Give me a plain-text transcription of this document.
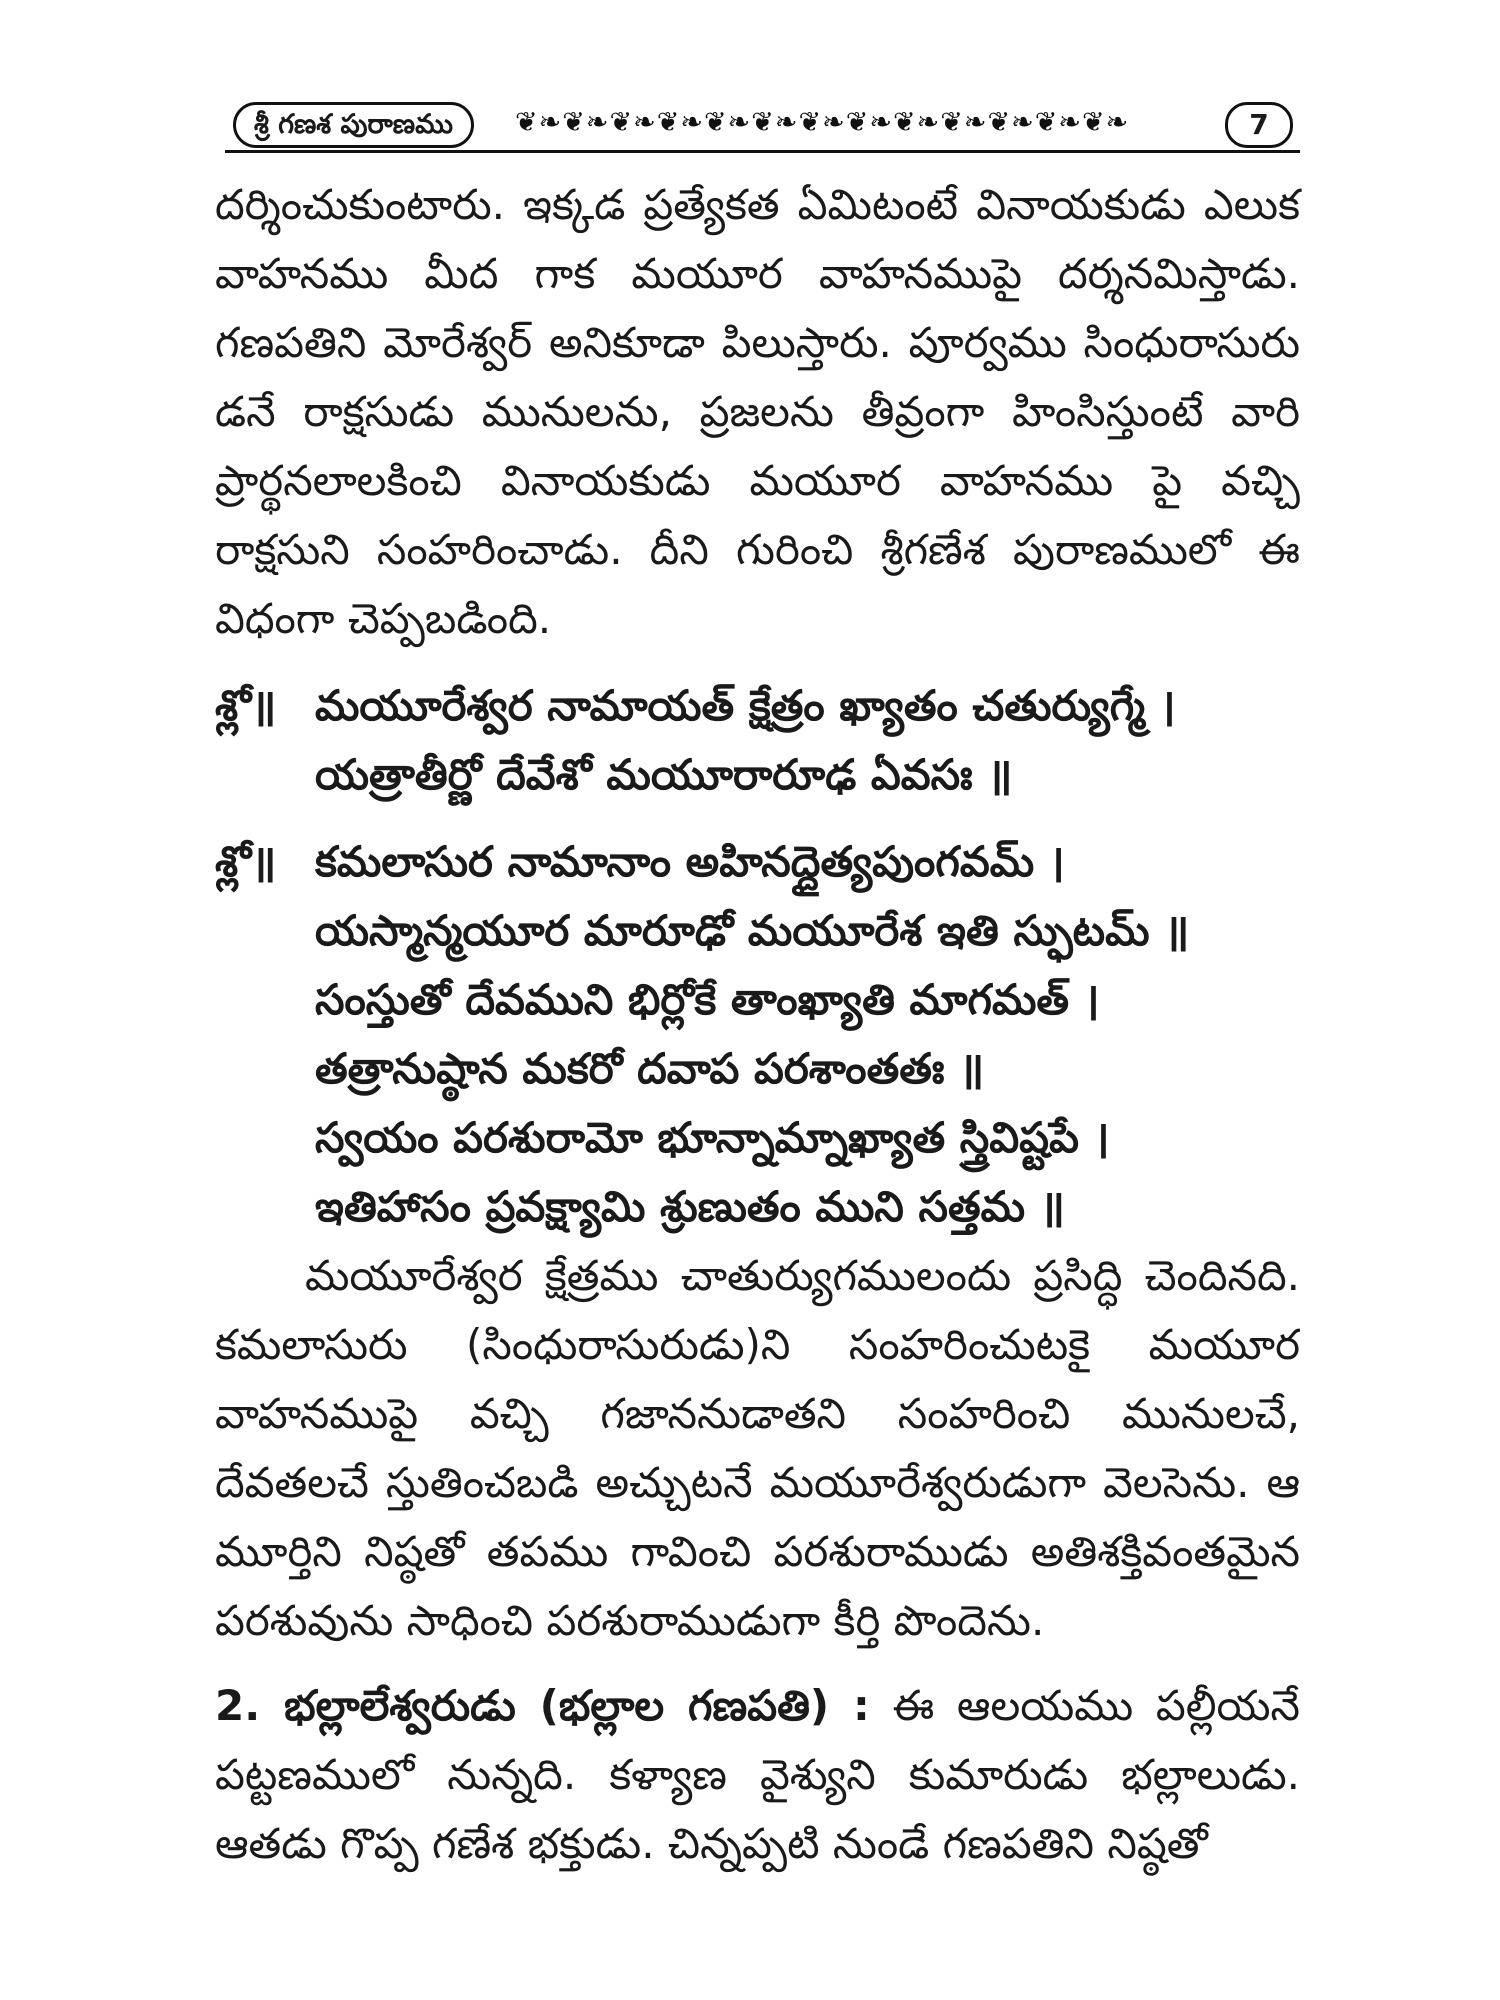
శ్రీ గణశ పురాణము	❦❧❦❧❦❧❦❧❦❧❦❧❦❧❦❧❦❧❦❧❦❧❦❧❦❧	7

దర్శించుకుంటారు. ఇక్కడ ప్రత్యేకత ఏమిటంటే వినాయకుడు ఎలుక వాహనము మీద గాక మయూర వాహనముపై దర్శనమిస్తాడు. గణపతిని మోరేశ్వర్ అనికూడా పిలుస్తారు. పూర్వము సింధురాసురు డనే రాక్షసుడు మునులను, ప్రజలను తీవ్రంగా హింసిస్తుంటే వారి ప్రార్థనలాలకించి వినాయకుడు మయూర వాహనము పై వచ్చి రాక్షసుని సంహరించాడు. దీని గురించి శ్రీగణేశ పురాణములో ఈ విధంగా చెప్పబడింది.

శ్లో॥ మయూరేశ్వర నామాయత్ క్షేత్రం ఖ్యాతం చతుర్యుగ్మే ।
యత్రాతీర్ణో దేవేశో మయూరారూఢ ఏవసః ॥
శ్లో॥ కమలాసుర నామానాం అహినద్దైత్యపుంగవమ్ ।
యస్మాన్మయూర మారూఢో మయూరేశ ఇతి స్ఫుటమ్ ॥
సంస్తుతో దేవముని భిర్లోకే తాంఖ్యాతి మాగమత్ ।
తత్రానుష్ఠాన మకరో దవాప పరశాంతతః ॥
స్వయం పరశురామో భూన్నామ్నాఖ్యాత స్త్రివిష్టపే ।
ఇతిహాసం ప్రవక్ష్యామి శ్రుణుతం ముని సత్తమ ॥

మయూరేశ్వర క్షేత్రము చాతుర్యుగములందు ప్రసిద్ధి చెందినది. కమలాసురు (సింధురాసురుడు)ని సంహరించుటకై మయూర వాహనముపై వచ్చి గజాననుడాతని సంహరించి మునులచే, దేవతలచే స్తుతించబడి అచ్చుటనే మయూరేశ్వరుడుగా వెలసెను. ఆ మూర్తిని నిష్ఠతో తపము గావించి పరశురాముడు అతిశక్తివంతమైన పరశువును సాధించి పరశురాముడుగా కీర్తి పొందెను.

2. భల్లాలేశ్వరుడు (భల్లాల గణపతి) : ఈ ఆలయము పల్లీయనే పట్టణములో నున్నది. కళ్యాణ వైశ్యుని కుమారుడు భల్లాలుడు. ఆతడు గొప్ప గణేశ భక్తుడు. చిన్నప్పటి నుండే గణపతిని నిష్ఠతో
